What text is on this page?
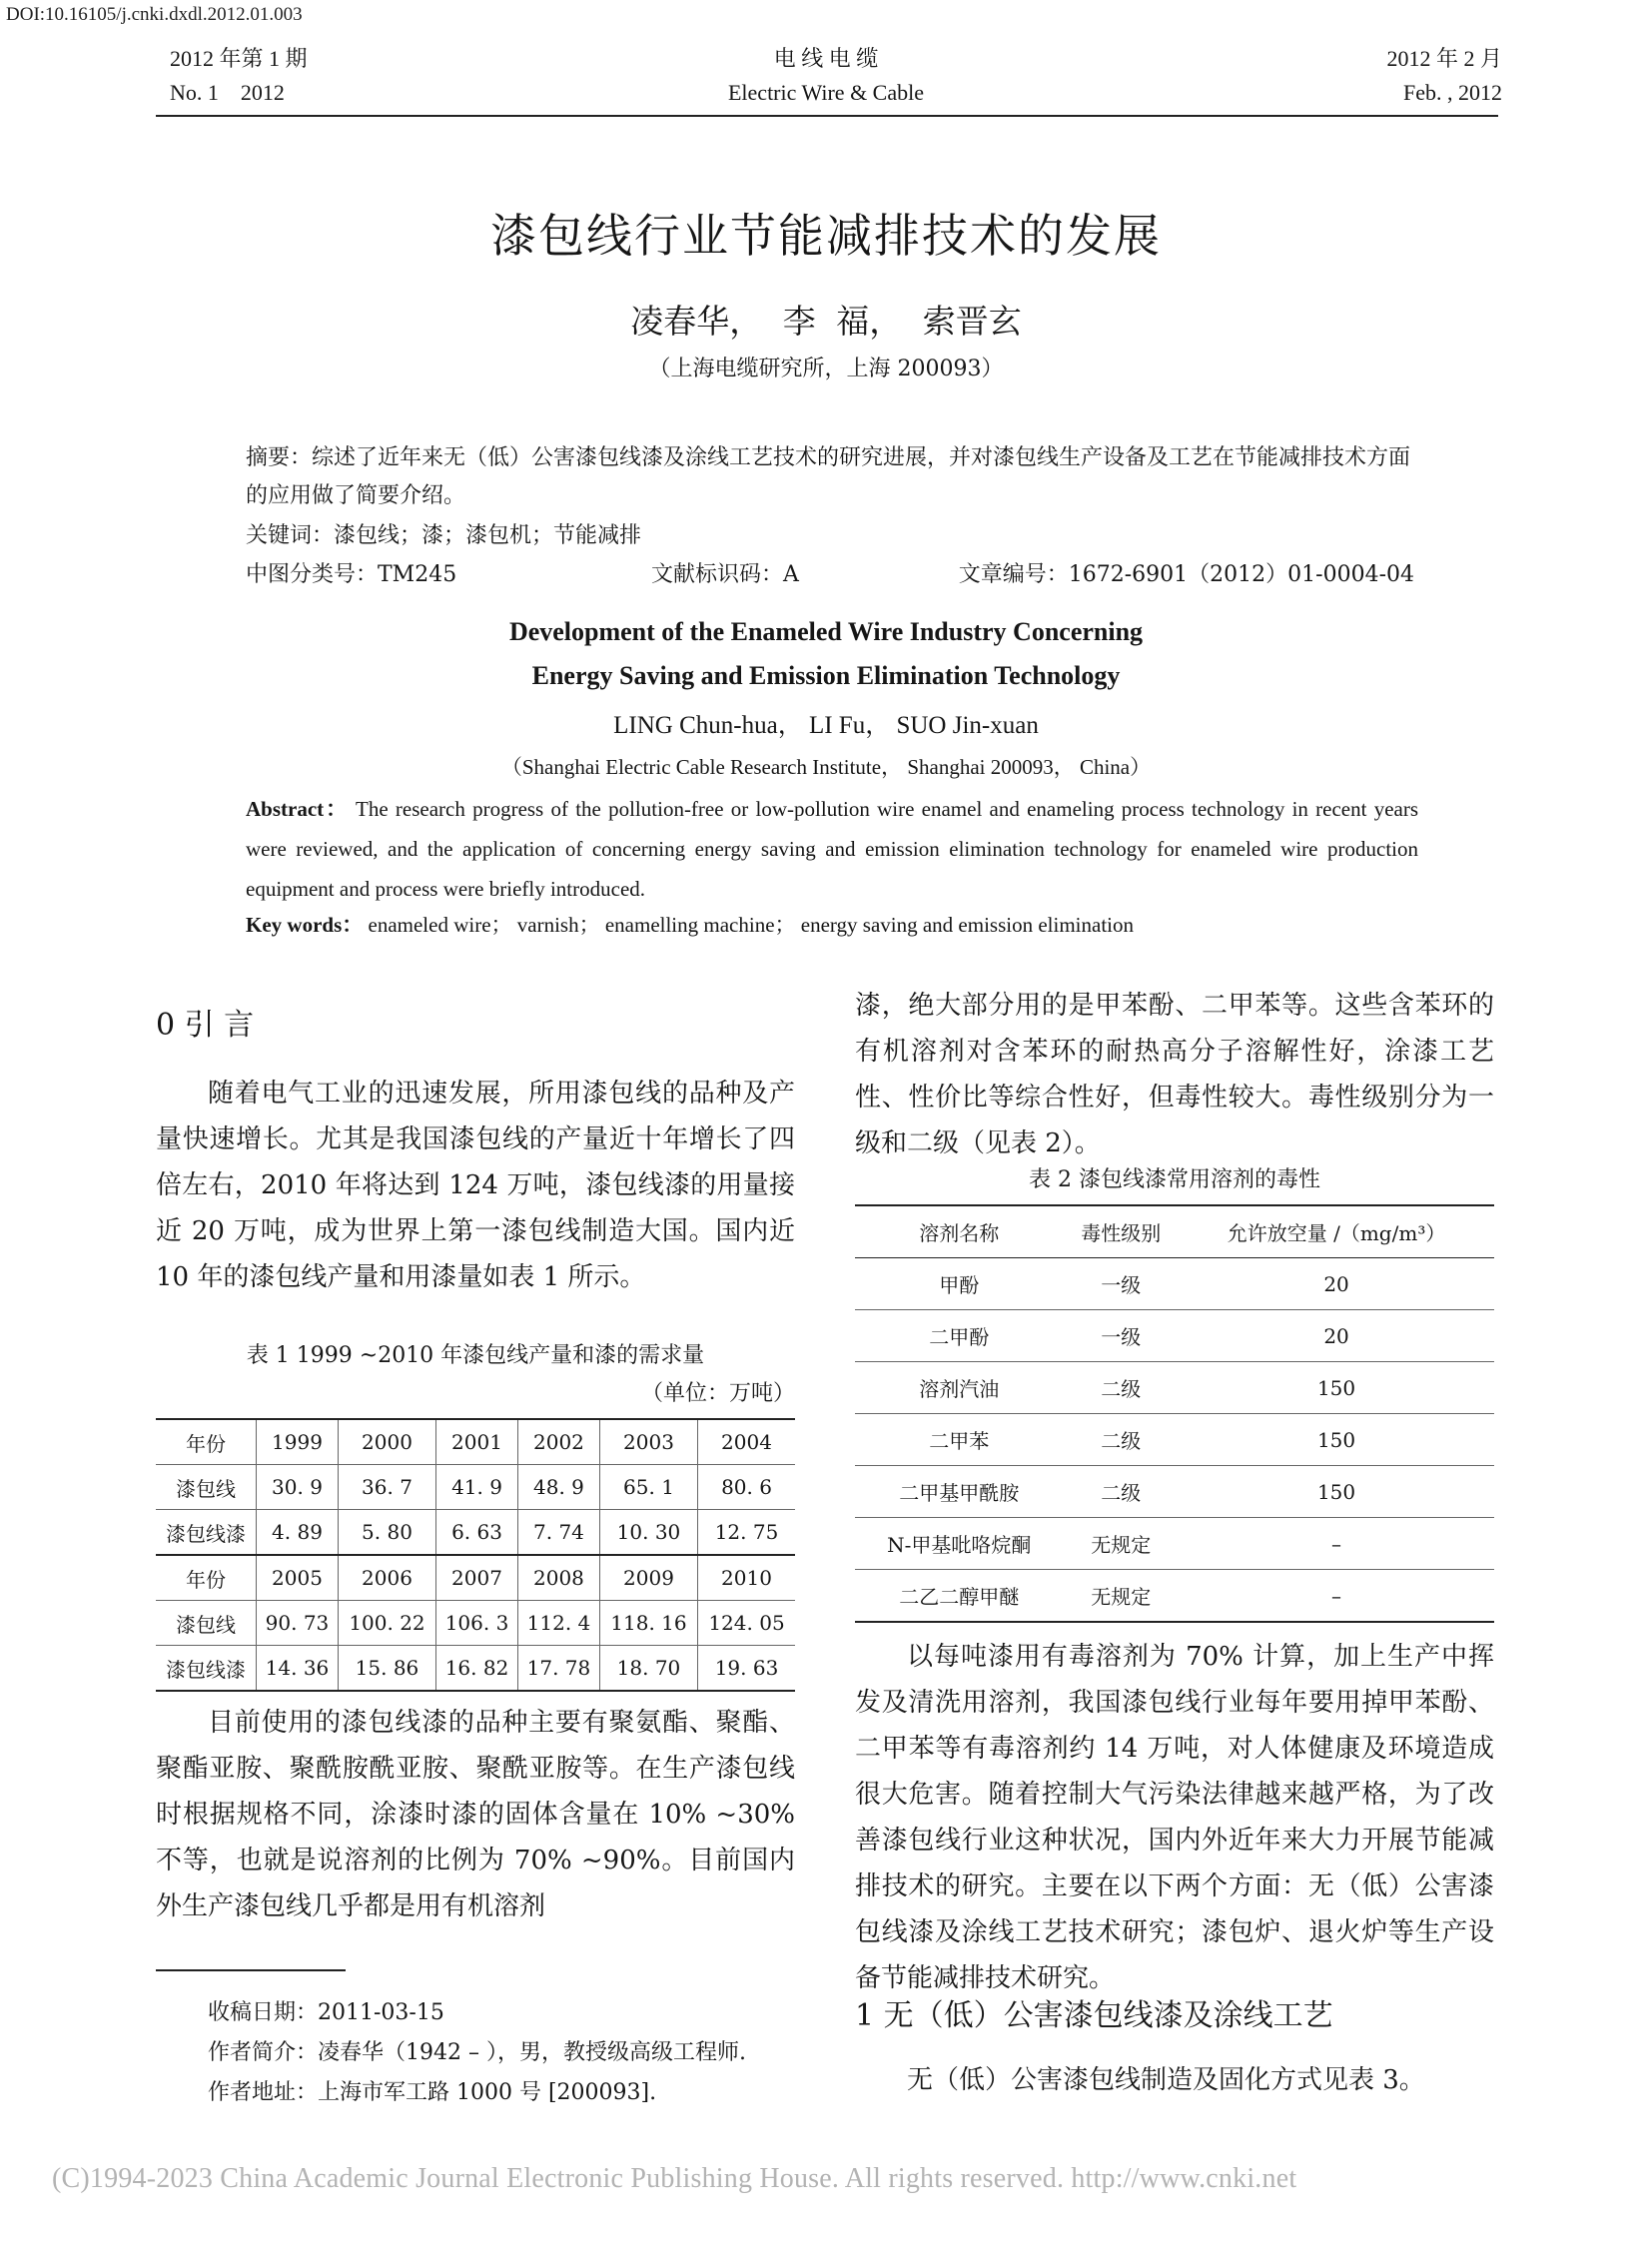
DOI:10.16105/j.cnki.dxdl.2012.01.003
2012 年第 1 期
No. 1    2012
电 线 电 缆
Electric Wire & Cable
2012 年 2 月
Feb. , 2012
漆包线行业节能减排技术的发展
凌春华， 李 福， 索晋玄
（上海电缆研究所，上海 200093）
摘要：综述了近年来无（低）公害漆包线漆及涂线工艺技术的研究进展，并对漆包线生产设备及工艺在节能减排技术方面的应用做了简要介绍。
关键词：漆包线；漆；漆包机；节能减排
中图分类号：TM245	文献标识码：A	文章编号：1672-6901（2012）01-0004-04
Development of the Enameled Wire Industry Concerning
Energy Saving and Emission Elimination Technology
LING Chun-hua， LI Fu， SUO Jin-xuan
（Shanghai Electric Cable Research Institute， Shanghai 200093， China）
Abstract： The research progress of the pollution-free or low-pollution wire enamel and enameling process technology in recent years were reviewed, and the application of concerning energy saving and emission elimination technology for enameled wire production equipment and process were briefly introduced.
Key words： enameled wire； varnish； enamelling machine； energy saving and emission elimination
0 引 言

随着电气工业的迅速发展，所用漆包线的品种及产量快速增长。尤其是我国漆包线的产量近十年增长了四倍左右，2010 年将达到 124 万吨，漆包线漆的用量接近 20 万吨，成为世界上第一漆包线制造大国。国内近 10 年的漆包线产量和用漆量如表 1 所示。

表 1 1999 ~2010 年漆包线产量和漆的需求量
（单位：万吨）
年份	1999	2000	2001	2002	2003	2004
漆包线	30. 9	36. 7	41. 9	48. 9	65. 1	80. 6
漆包线漆	4. 89	5. 80	6. 63	7. 74	10. 30	12. 75
年份	2005	2006	2007	2008	2009	2010
漆包线	90. 73	100. 22	106. 3	112. 4	118. 16	124. 05
漆包线漆	14. 36	15. 86	16. 82	17. 78	18. 70	19. 63

目前使用的漆包线漆的品种主要有聚氨酯、聚酯、聚酯亚胺、聚酰胺酰亚胺、聚酰亚胺等。在生产漆包线时根据规格不同，涂漆时漆的固体含量在 10% ~30% 不等，也就是说溶剂的比例为 70% ~90%。目前国内外生产漆包线几乎都是用有机溶剂

收稿日期：2011-03-15
作者简介：凌春华（1942 – ），男，教授级高级工程师.
作者地址：上海市军工路 1000 号 [200093].

漆，绝大部分用的是甲苯酚、二甲苯等。这些含苯环的有机溶剂对含苯环的耐热高分子溶解性好，涂漆工艺性、性价比等综合性好，但毒性较大。毒性级别分为一级和二级（见表 2）。

表 2 漆包线漆常用溶剂的毒性
溶剂名称	毒性级别	允许放空量 /（mg/m³）
甲酚	一级	20
二甲酚	一级	20
溶剂汽油	二级	150
二甲苯	二级	150
二甲基甲酰胺	二级	150
N-甲基吡咯烷酮	无规定	–
二乙二醇甲醚	无规定	–

以每吨漆用有毒溶剂为 70% 计算，加上生产中挥发及清洗用溶剂，我国漆包线行业每年要用掉甲苯酚、二甲苯等有毒溶剂约 14 万吨，对人体健康及环境造成很大危害。随着控制大气污染法律越来越严格，为了改善漆包线行业这种状况，国内外近年来大力开展节能减排技术的研究。主要在以下两个方面：无（低）公害漆包线漆及涂线工艺技术研究；漆包炉、退火炉等生产设备节能减排技术研究。

1 无（低）公害漆包线漆及涂线工艺

无（低）公害漆包线制造及固化方式见表 3。

(C)1994-2023 China Academic Journal Electronic Publishing House. All rights reserved. http://www.cnki.net
